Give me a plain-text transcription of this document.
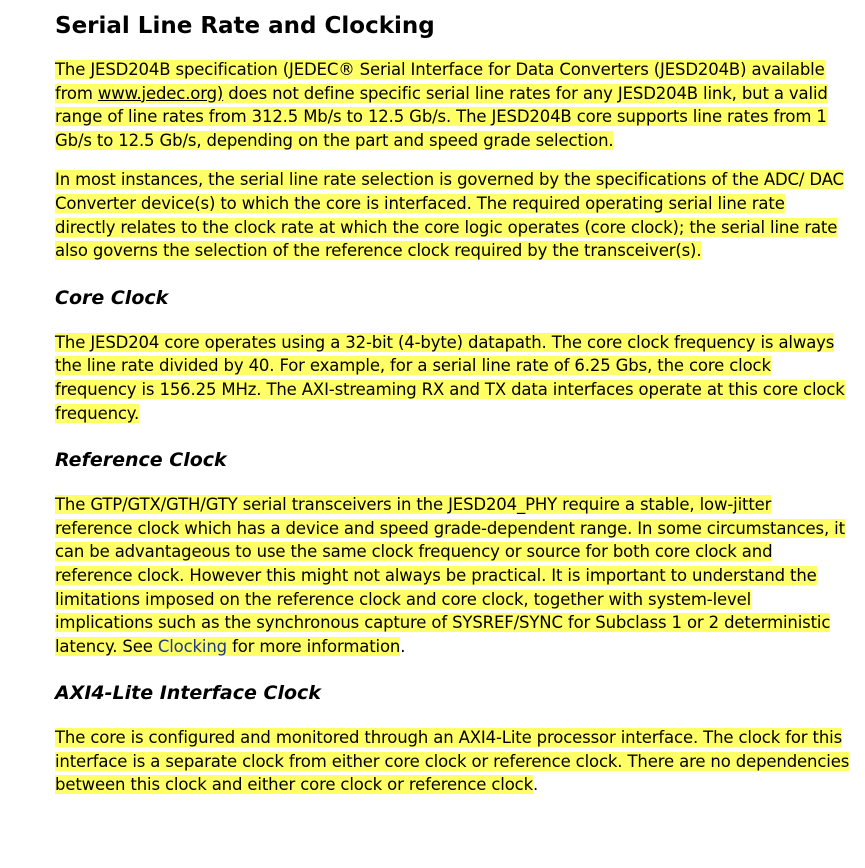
Serial Line Rate and Clocking

The JESD204B specification (JEDEC® Serial Interface for Data Converters (JESD204B) available from www.jedec.org) does not define specific serial line rates for any JESD204B link, but a valid range of line rates from 312.5 Mb/s to 12.5 Gb/s. The JESD204B core supports line rates from 1 Gb/s to 12.5 Gb/s, depending on the part and speed grade selection.

In most instances, the serial line rate selection is governed by the specifications of the ADC/ DAC Converter device(s) to which the core is interfaced. The required operating serial line rate directly relates to the clock rate at which the core logic operates (core clock); the serial line rate also governs the selection of the reference clock required by the transceiver(s).

Core Clock

The JESD204 core operates using a 32-bit (4-byte) datapath. The core clock frequency is always the line rate divided by 40. For example, for a serial line rate of 6.25 Gbs, the core clock frequency is 156.25 MHz. The AXI-streaming RX and TX data interfaces operate at this core clock frequency.

Reference Clock

The GTP/GTX/GTH/GTY serial transceivers in the JESD204_PHY require a stable, low-jitter reference clock which has a device and speed grade-dependent range. In some circumstances, it can be advantageous to use the same clock frequency or source for both core clock and reference clock. However this might not always be practical. It is important to understand the limitations imposed on the reference clock and core clock, together with system-level implications such as the synchronous capture of SYSREF/SYNC for Subclass 1 or 2 deterministic latency. See Clocking for more information.

AXI4-Lite Interface Clock

The core is configured and monitored through an AXI4-Lite processor interface. The clock for this interface is a separate clock from either core clock or reference clock. There are no dependencies between this clock and either core clock or reference clock.
